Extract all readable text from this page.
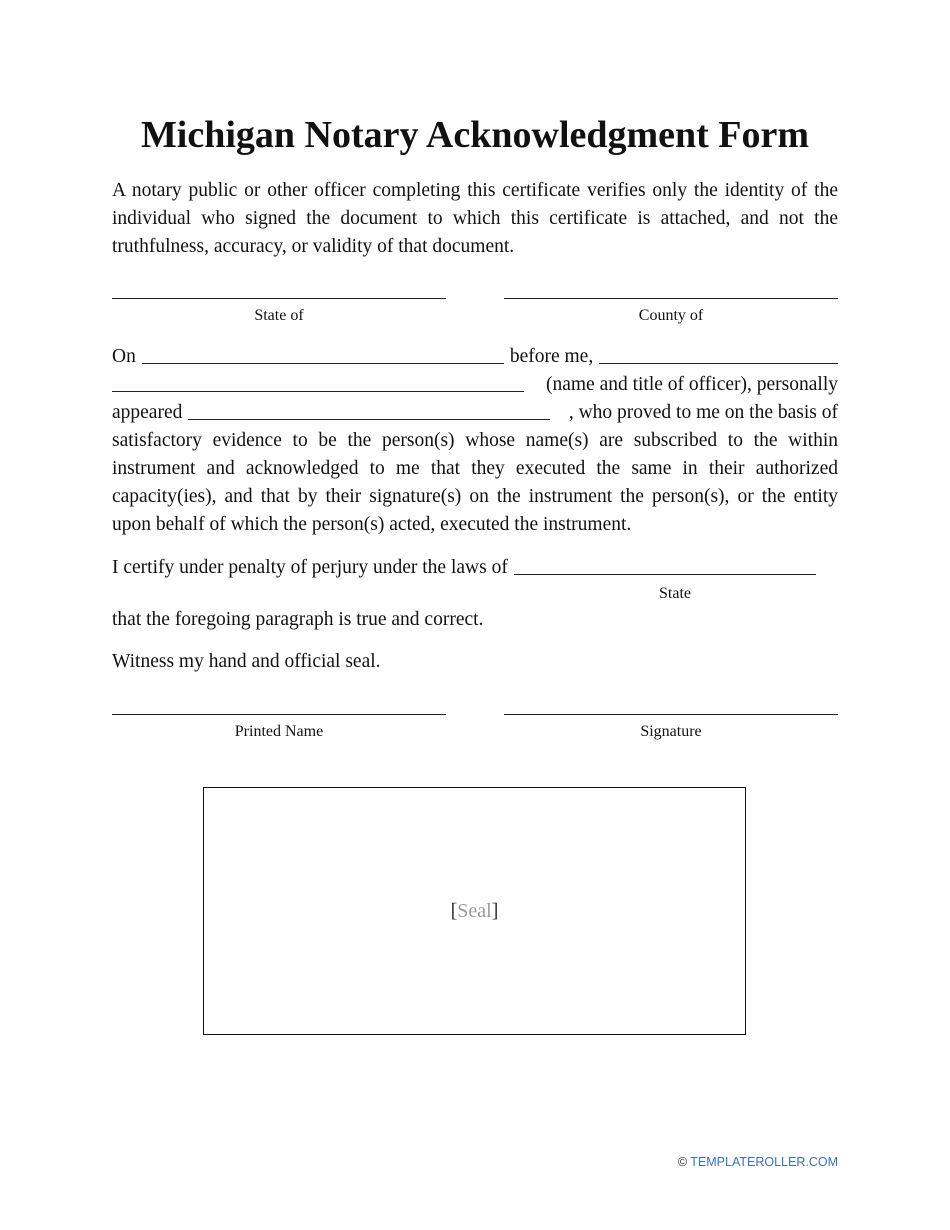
Michigan Notary Acknowledgment Form

A notary public or other officer completing this certificate verifies only the identity of the individual who signed the document to which this certificate is attached, and not the truthfulness, accuracy, or validity of that document.

State of	County of
On	before me,
(name and title of officer), personally
appeared	, who proved to me on the basis of

satisfactory evidence to be the person(s) whose name(s) are subscribed to the within instrument and acknowledged to me that they executed the same in their authorized capacity(ies), and that by their signature(s) on the instrument the person(s), or the entity upon behalf of which the person(s) acted, executed the instrument.

I certify under penalty of perjury under the laws of
State

that the foregoing paragraph is true and correct.

Witness my hand and official seal.

Printed Name	Signature
[ Seal ]
© TEMPLATEROLLER.COM
